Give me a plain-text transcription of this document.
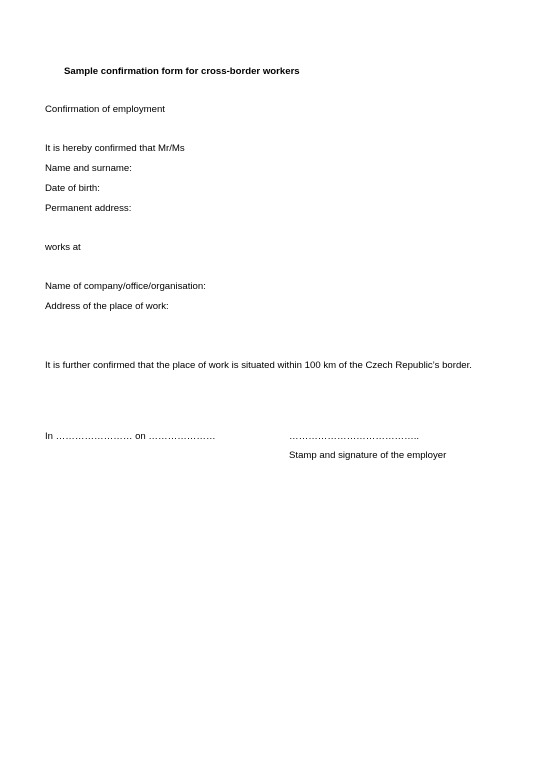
Sample confirmation form for cross-border workers
Confirmation of employment
It is hereby confirmed that Mr/Ms
Name and surname:
Date of birth:
Permanent address:
works at
Name of company/office/organisation:
Address of the place of work:
It is further confirmed that the place of work is situated within 100 km of the Czech Republic’s border.
In …………………… on …………………	…………………………………..
Stamp and signature of the employer
